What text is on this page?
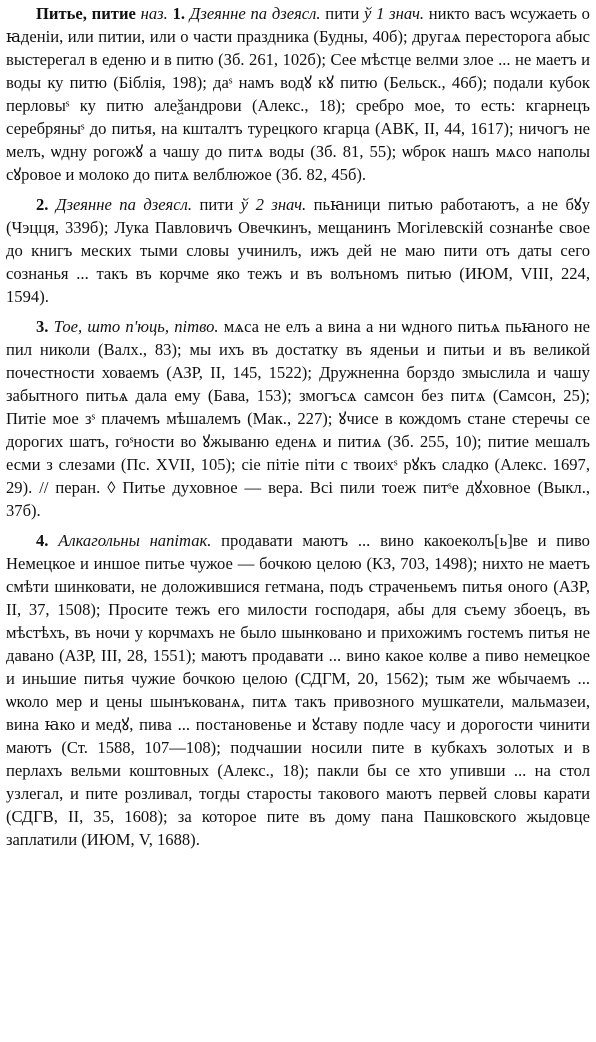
Питье, питие наз. 1. Дзеянне па дзеясл. пити ў 1 знач. никто васъ ѡсужаеть о ꙗденіи, или питии, или о части праздника (Будны, 40б); другаѧ пересторога абыс выстерегал в еденю и в питю (Зб. 261, 102б); Сее мѣстце велми злое ... не маетъ и воды ку питю (Біблія, 198); даˢ намъ водꙋ кꙋ питю (Бельск., 46б); подали кубок перловыˢ ку питю алеѯандрови (Алекс., 18); сребро мое, то есть: кгарнецъ серебряныˢ до питья, на кшталтъ турецкого кгарца (АВК, II, 44, 1617); ничогъ не мелъ, ѡдну рогожꙋ а чашу до питѧ воды (Зб. 81, 55); ѡброк нашъ мѧсо наполы сꙋровое и молоко до питѧ велблюжое (Зб. 82, 45б).

2. Дзеянне па дзеясл. пити ў 2 знач. пьꙗници питью работаютъ, а не бꙋу (Чэцця, 339б); Лука Павловичъ Овечкинъ, мещанинъ Могілевскій сознанѣе свое до книгъ меских тыми словы учинилъ, ижъ дей не маю пити отъ даты сего сознанья ... такъ въ корчме яко тежъ и въ волъномъ питью (ИЮМ, VIII, 224, 1594).

3. Тое, што п'юць, пітво. мѧса не елъ а вина а ни ѡдного питьѧ пьꙗного не пил николи (Валх., 83); мы ихъ въ достатку въ яденьи и питьи и въ великой почестности ховаемъ (АЗР, II, 145, 1522); Дружненна борздо змыслила и чашу забытного питьѧ дала ему (Бава, 153); змогъсѧ самсон без питѧ (Самсон, 25); Питіе мое зˢ плачемъ мѣшалемъ (Мак., 227); ꙋчисе в кождомъ стане стеречы се дорогих шатъ, гоˢности во ꙋжываню еденѧ и питиѧ (Зб. 255, 10); питие мешалъ есми з слезами (Пс. XVII, 105); сіе пітіе піти с твоихˢ рꙋкъ сладко (Алекс. 1697, 29). // перан. ◊ Питье духовное — вера. Всі пили тоеж питˢе дꙋховное (Выкл., 37б).

4. Алкагольны напітак. продавати маютъ ... вино какоеколъ[ь]ве и пиво Немецкое и иншое питье чужое — бочкою целою (КЗ, 703, 1498); нихто не маетъ смѣти шинковати, не доложившися гетмана, подъ страченьемъ питья оного (АЗР, II, 37, 1508); Просите тежъ его милости господаря, абы для съему збоецъ, въ мѣстѣхъ, въ ночи у корчмахъ не было шынковано и прихожимъ гостемъ питья не давано (АЗР, III, 28, 1551); маютъ продавати ... вино какое колве а пиво немецкое и иньшие питья чужие бочкою целою (СДГМ, 20, 1562); тым же ѡбычаемъ ... ѡколо мер и цены шынъкованѧ, питѧ такъ привозного мушкатели, мальмазеи, вина ꙗко и медꙋ, пива ... постановенье и ꙋставу подле часу и дорогости чинити маютъ (Ст. 1588, 107—108); подчашии носили пите в кубкахъ золотых и в перлахъ вельми коштовных (Алекс., 18); пакли бы се хто упивши ... на стол узлегал, и пите розливал, тогды старосты такового маютъ первей словы карати (СДГВ, II, 35, 1608); за которое пите въ дому пана Пашковского жыдовце заплатили (ИЮМ, V, 1688).
